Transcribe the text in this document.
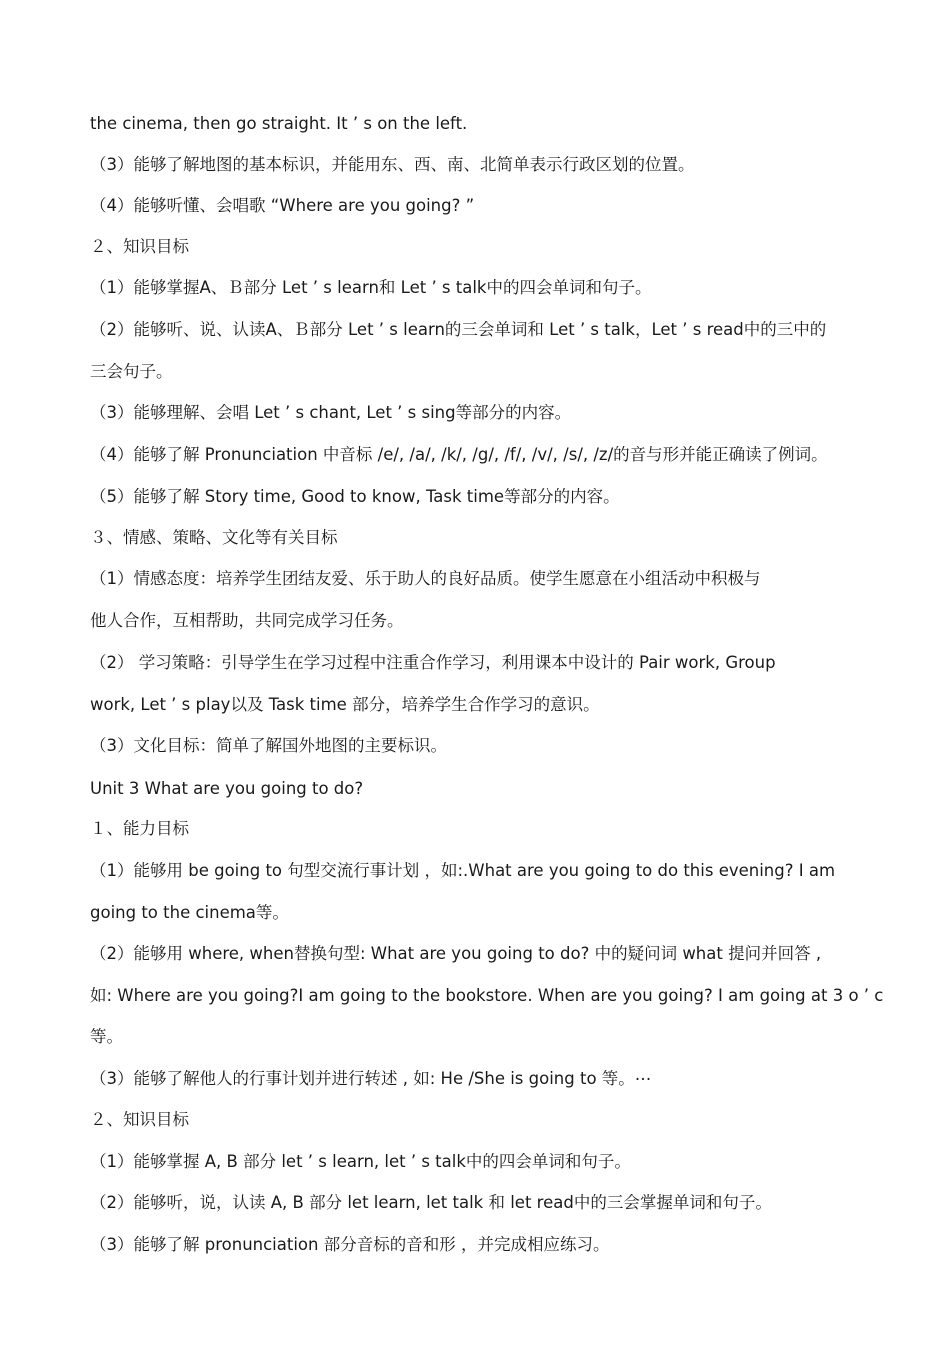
the cinema, then go straight. It ’ s on the left.
（3）能够了解地图的基本标识，并能用东、西、南、北简单表示行政区划的位置。
（4）能够听懂、会唱歌 “Where are you going? ”
２、知识目标
（1）能够掌握A、Ｂ部分 Let ’ s learn和 Let ’ s talk中的四会单词和句子。
（2）能够听、说、认读A、Ｂ部分 Let ’ s learn的三会单词和 Let ’ s talk，Let ’ s read中的三中的
三会句子。
（3）能够理解、会唱 Let ’ s chant, Let ’ s sing等部分的内容。
（4）能够了解 Pronunciation 中音标 /e/, /a/, /k/, /g/, /f/, /v/, /s/, /z/的音与形并能正确读了例词。
（5）能够了解 Story time, Good to know, Task time等部分的内容。
３、情感、策略、文化等有关目标
（1）情感态度：培养学生团结友爱、乐于助人的良好品质。使学生愿意在小组活动中积极与
他人合作，互相帮助，共同完成学习任务。
（2） 学习策略：引导学生在学习过程中注重合作学习，利用课本中设计的 Pair work, Group
work, Let ’ s play以及 Task time 部分，培养学生合作学习的意识。
（3）文化目标：简单了解国外地图的主要标识。
Unit 3 What are you going to do?
１、能力目标
（1）能够用 be going to 句型交流行事计划 ，如:.What are you going to do this evening? I am
going to the cinema等。
（2）能够用 where, when替换句型: What are you going to do? 中的疑问词 what 提问并回答 ,
如: Where are you going?I am going to the bookstore. When are you going? I am going at 3 o ’ c
等。
（3）能够了解他人的行事计划并进行转述 , 如: He /She is going to 等。⋯
２、知识目标
（1）能够掌握 A, B 部分 let ’ s learn, let ’ s talk中的四会单词和句子。
（2）能够听，说，认读 A, B 部分 let learn, let talk 和 let read中的三会掌握单词和句子。
（3）能够了解 pronunciation 部分音标的音和形 ，并完成相应练习。
